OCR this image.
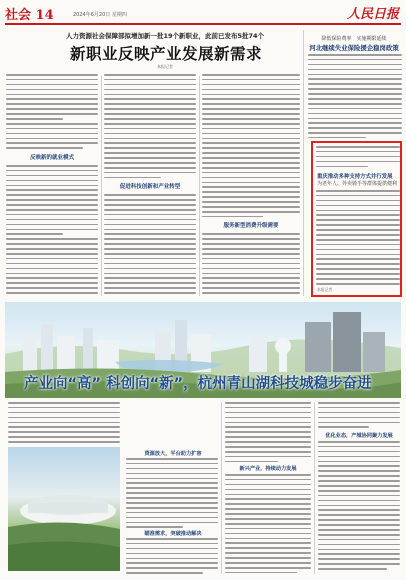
社会 14	2024年6月20日 星期四	人民日报
人力资源社会保障部拟增加新一批19个新职业，此前已发布5批74个
新职业反映产业发展新需求
本报记者
反映新的就业模式
促进科技创新和产业转型
服务新型消费升级需要
降低保险费率　实施期限延续
河北继续失业保险援企稳岗政策
重庆推动多种支持方式并行发展
为老年人、外卖骑手等群体提供便利
本报记者
产业向“高” 科创向“新”，杭州青山湖科技城稳步奋进
资源放大，平台助力扩容
瞄准需求，突破推动解决
新兴产业，持续动力发展
优化业态，产城协同聚力发展
